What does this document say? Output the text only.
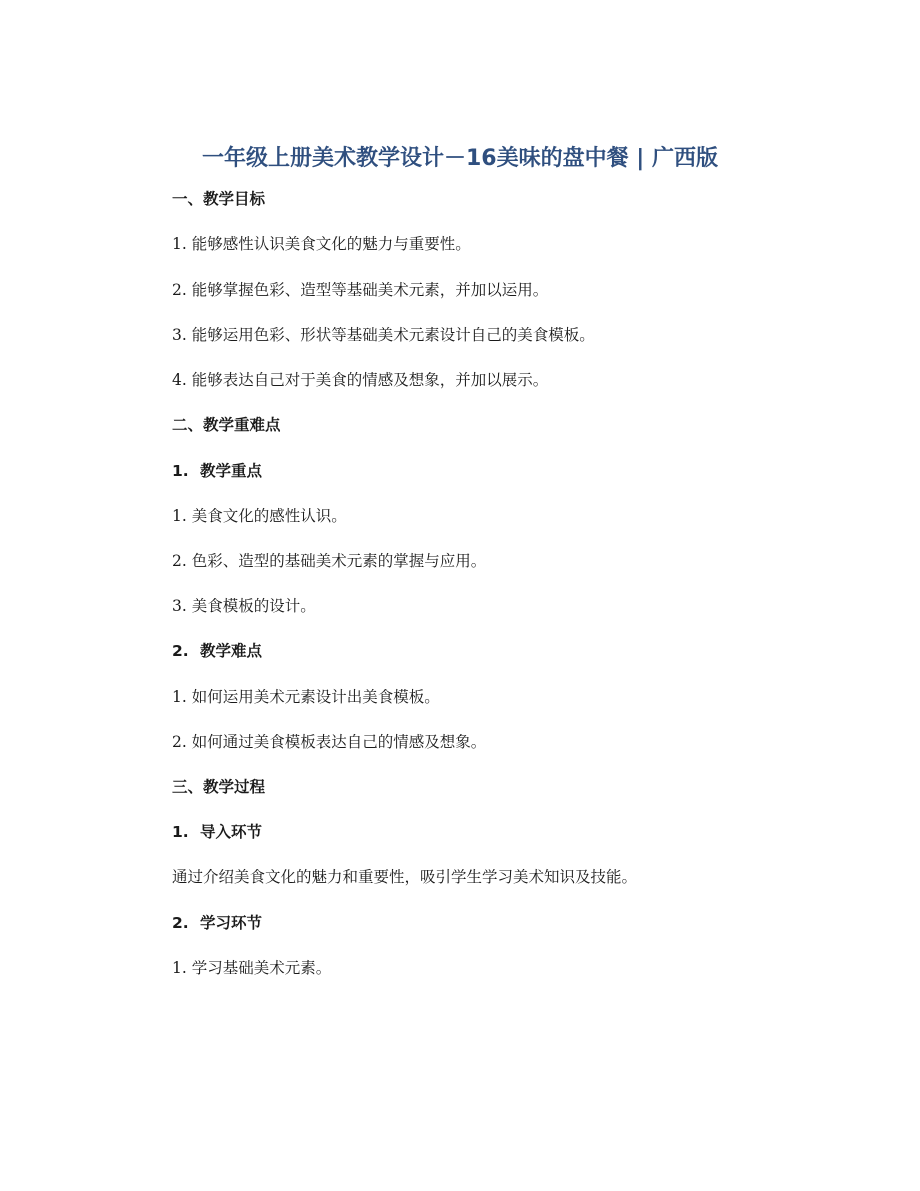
一年级上册美术教学设计－16美味的盘中餐 | 广西版
一、教学目标
1. 能够感性认识美食文化的魅力与重要性。
2. 能够掌握色彩、造型等基础美术元素，并加以运用。
3. 能够运用色彩、形状等基础美术元素设计自己的美食模板。
4. 能够表达自己对于美食的情感及想象，并加以展示。
二、教学重难点
1. 教学重点
1. 美食文化的感性认识。
2. 色彩、造型的基础美术元素的掌握与应用。
3. 美食模板的设计。
2. 教学难点
1. 如何运用美术元素设计出美食模板。
2. 如何通过美食模板表达自己的情感及想象。
三、教学过程
1. 导入环节
通过介绍美食文化的魅力和重要性，吸引学生学习美术知识及技能。
2. 学习环节
1. 学习基础美术元素。
